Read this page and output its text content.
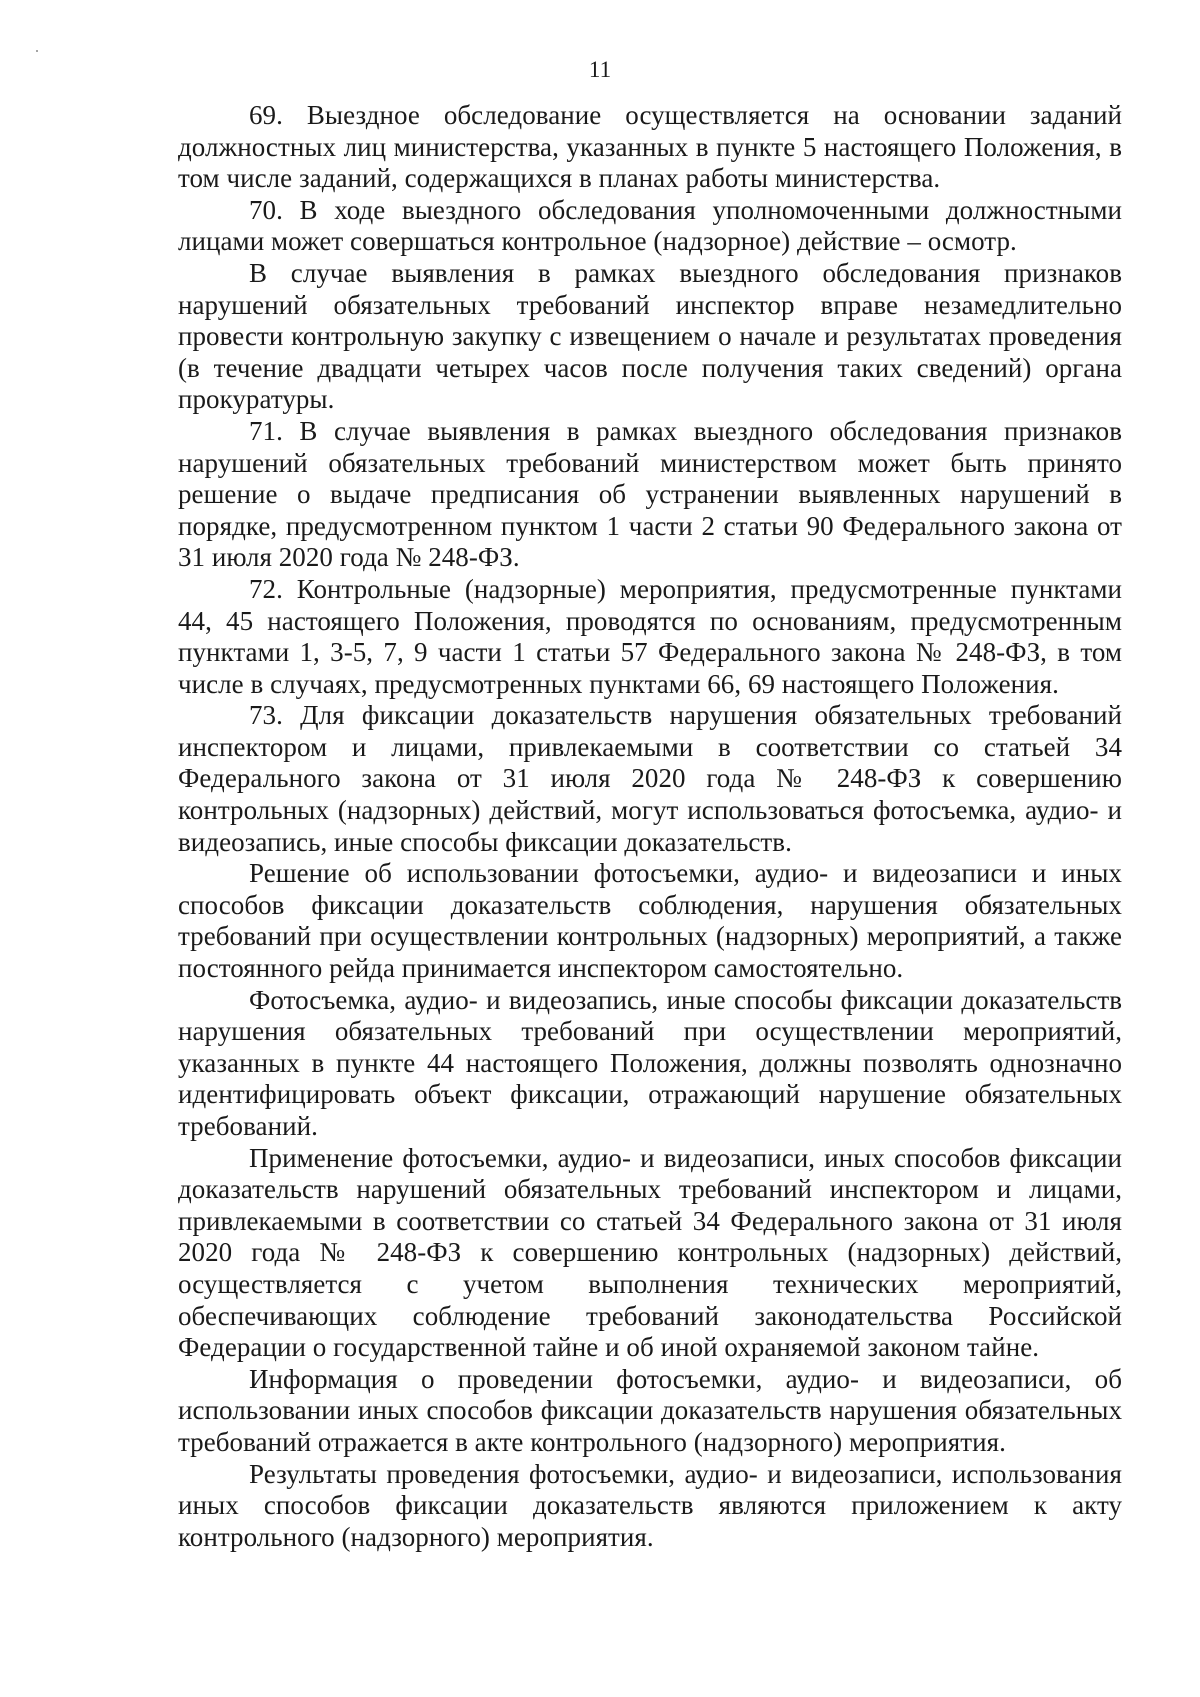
11

69. Выездное обследование осуществляется на основании заданий должностных лиц министерства, указанных в пункте 5 настоящего Положения, в том числе заданий, содержащихся в планах работы министерства.

70. В ходе выездного обследования уполномоченными должностными лицами может совершаться контрольное (надзорное) действие – осмотр.

В случае выявления в рамках выездного обследования признаков нарушений обязательных требований инспектор вправе незамедлительно провести контрольную закупку с извещением о начале и результатах проведения (в течение двадцати четырех часов после получения таких сведений) органа прокуратуры.

71. В случае выявления в рамках выездного обследования признаков нарушений обязательных требований министерством может быть принято решение о выдаче предписания об устранении выявленных нарушений в порядке, предусмотренном пунктом 1 части 2 статьи 90 Федерального закона от 31 июля 2020 года № 248-ФЗ.

72. Контрольные (надзорные) мероприятия, предусмотренные пунктами 44, 45 настоящего Положения, проводятся по основаниям, предусмотренным пунктами 1, 3-5, 7, 9 части 1 статьи 57 Федерального закона № 248-ФЗ, в том числе в случаях, предусмотренных пунктами 66, 69 настоящего Положения.

73. Для фиксации доказательств нарушения обязательных требований инспектором и лицами, привлекаемыми в соответствии со статьей 34 Федерального закона от 31 июля 2020 года № 248-ФЗ к совершению контрольных (надзорных) действий, могут использоваться фотосъемка, аудио- и видеозапись, иные способы фиксации доказательств.

Решение об использовании фотосъемки, аудио- и видеозаписи и иных способов фиксации доказательств соблюдения, нарушения обязательных требований при осуществлении контрольных (надзорных) мероприятий, а также постоянного рейда принимается инспектором самостоятельно.

Фотосъемка, аудио- и видеозапись, иные способы фиксации доказательств нарушения обязательных требований при осуществлении мероприятий, указанных в пункте 44 настоящего Положения, должны позволять однозначно идентифицировать объект фиксации, отражающий нарушение обязательных требований.

Применение фотосъемки, аудио- и видеозаписи, иных способов фиксации доказательств нарушений обязательных требований инспектором и лицами, привлекаемыми в соответствии со статьей 34 Федерального закона от 31 июля 2020 года № 248-ФЗ к совершению контрольных (надзорных) действий, осуществляется с учетом выполнения технических мероприятий, обеспечивающих соблюдение требований законодательства Российской Федерации о государственной тайне и об иной охраняемой законом тайне.

Информация о проведении фотосъемки, аудио- и видеозаписи, об использовании иных способов фиксации доказательств нарушения обязательных требований отражается в акте контрольного (надзорного) мероприятия.

Результаты проведения фотосъемки, аудио- и видеозаписи, использования иных способов фиксации доказательств являются приложением к акту контрольного (надзорного) мероприятия.
